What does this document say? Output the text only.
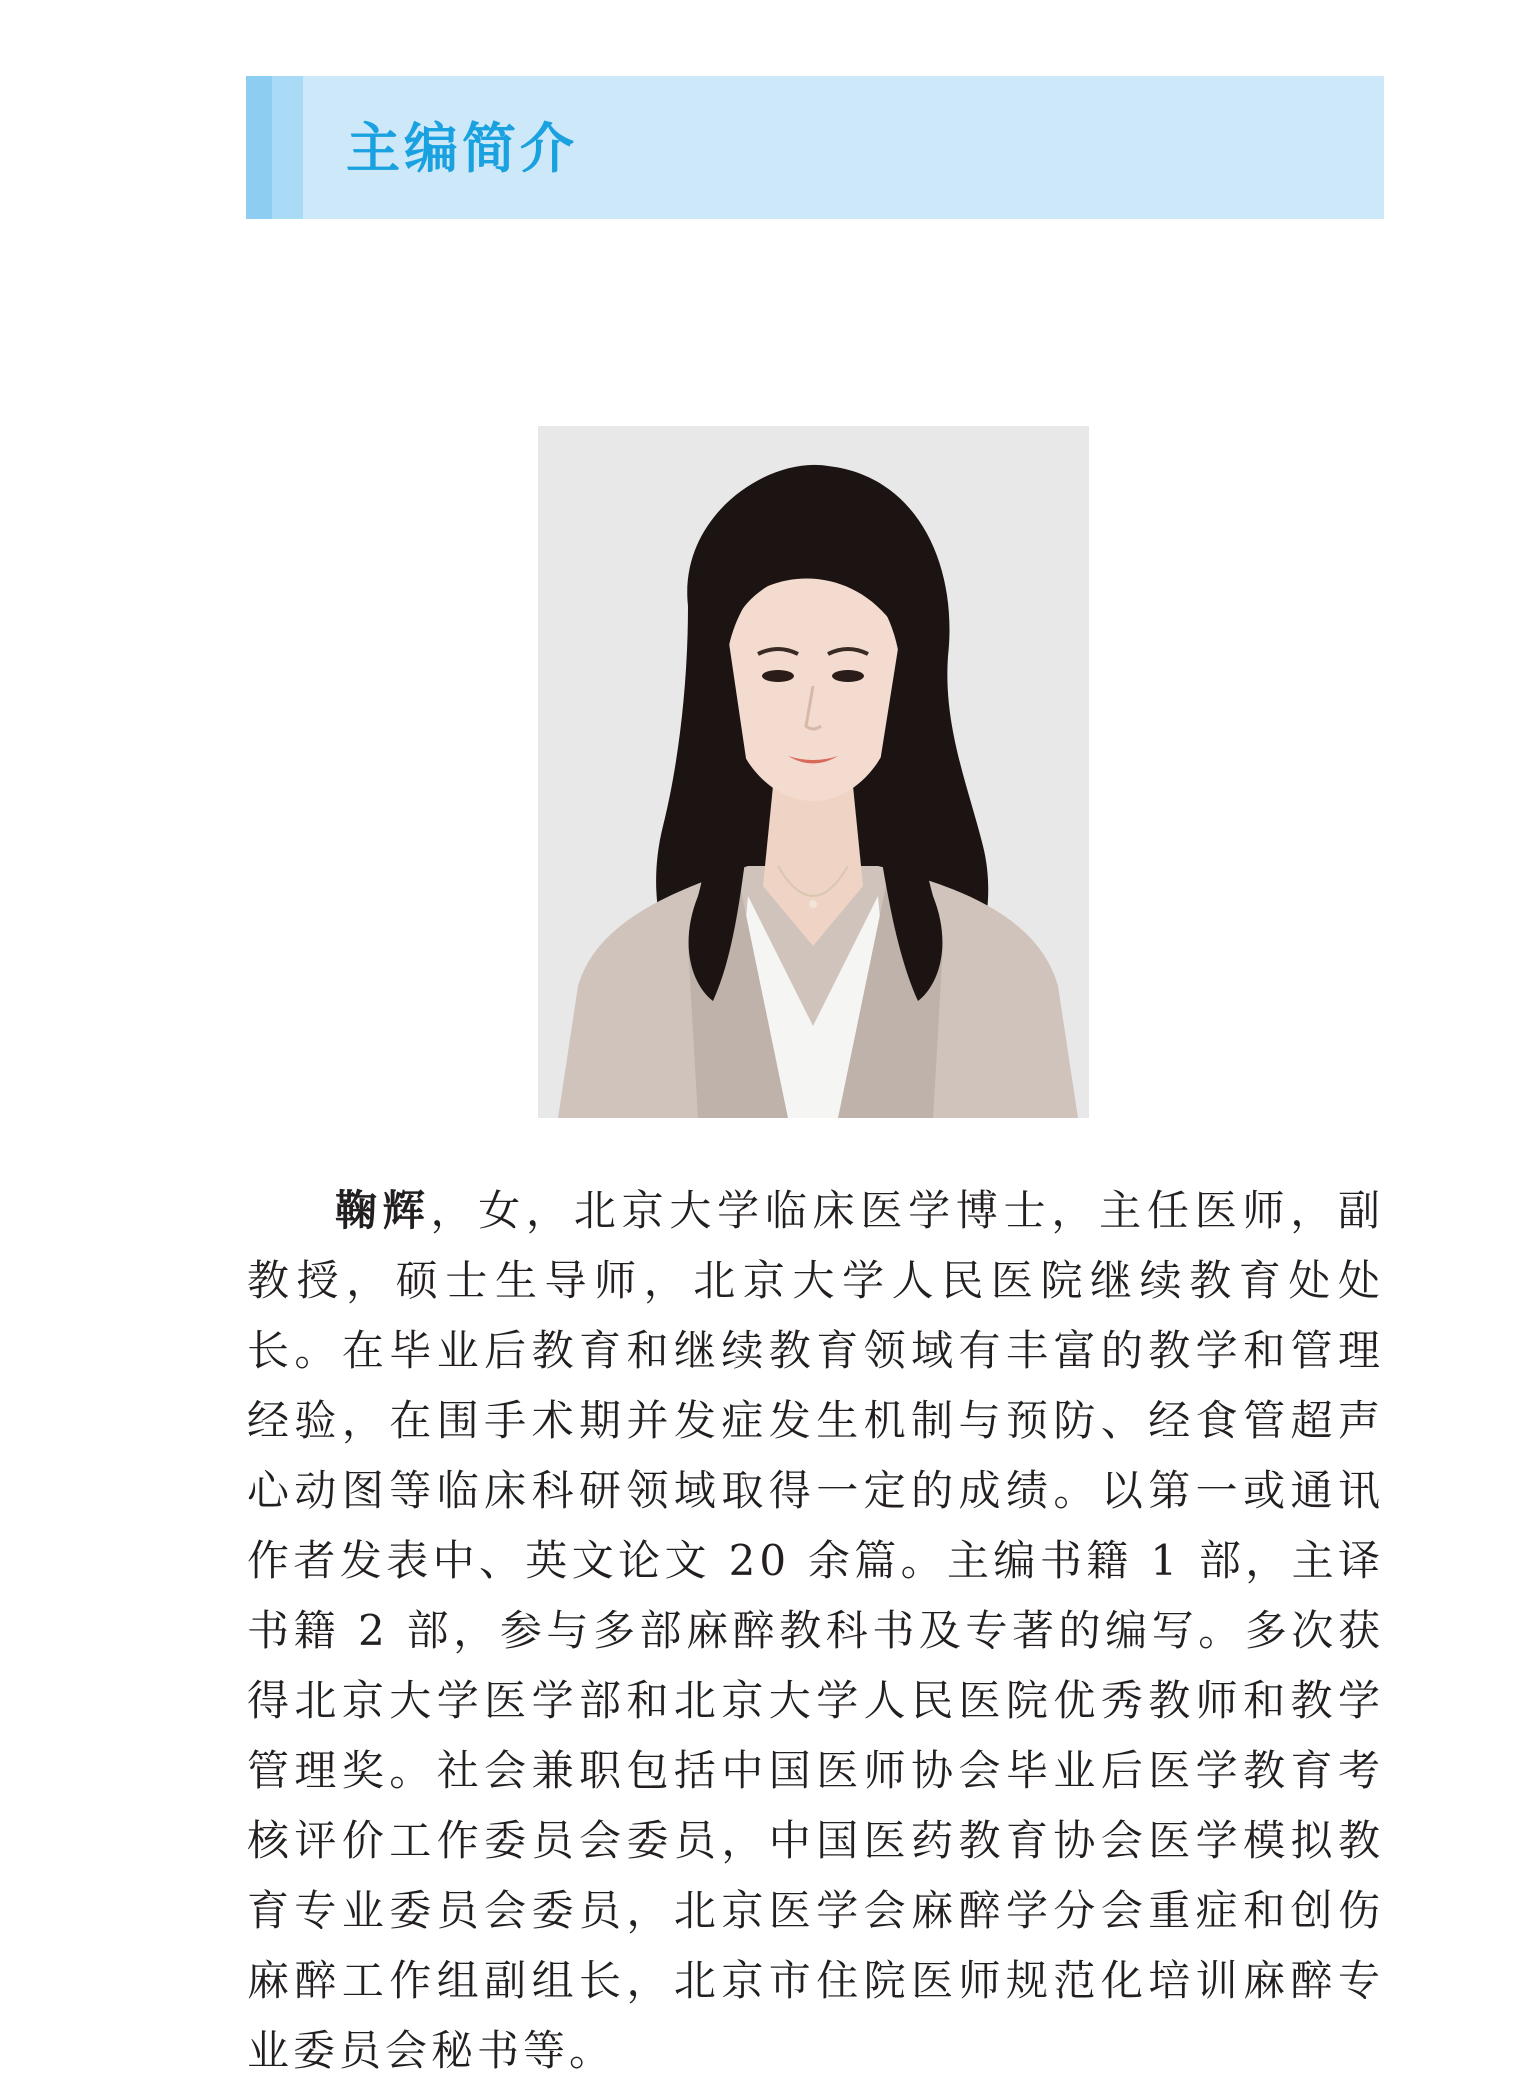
主编简介

鞠辉，女，北京大学临床医学博士，主任医师，副教授，硕士生导师，北京大学人民医院继续教育处处长。在毕业后教育和继续教育领域有丰富的教学和管理经验，在围手术期并发症发生机制与预防、经食管超声心动图等临床科研领域取得一定的成绩。以第一或通讯作者发表中、英文论文 20 余篇。主编书籍 1 部，主译书籍 2 部，参与多部麻醉教科书及专著的编写。多次获得北京大学医学部和北京大学人民医院优秀教师和教学管理奖。社会兼职包括中国医师协会毕业后医学教育考核评价工作委员会委员，中国医药教育协会医学模拟教育专业委员会委员，北京医学会麻醉学分会重症和创伤麻醉工作组副组长，北京市住院医师规范化培训麻醉专业委员会秘书等。
